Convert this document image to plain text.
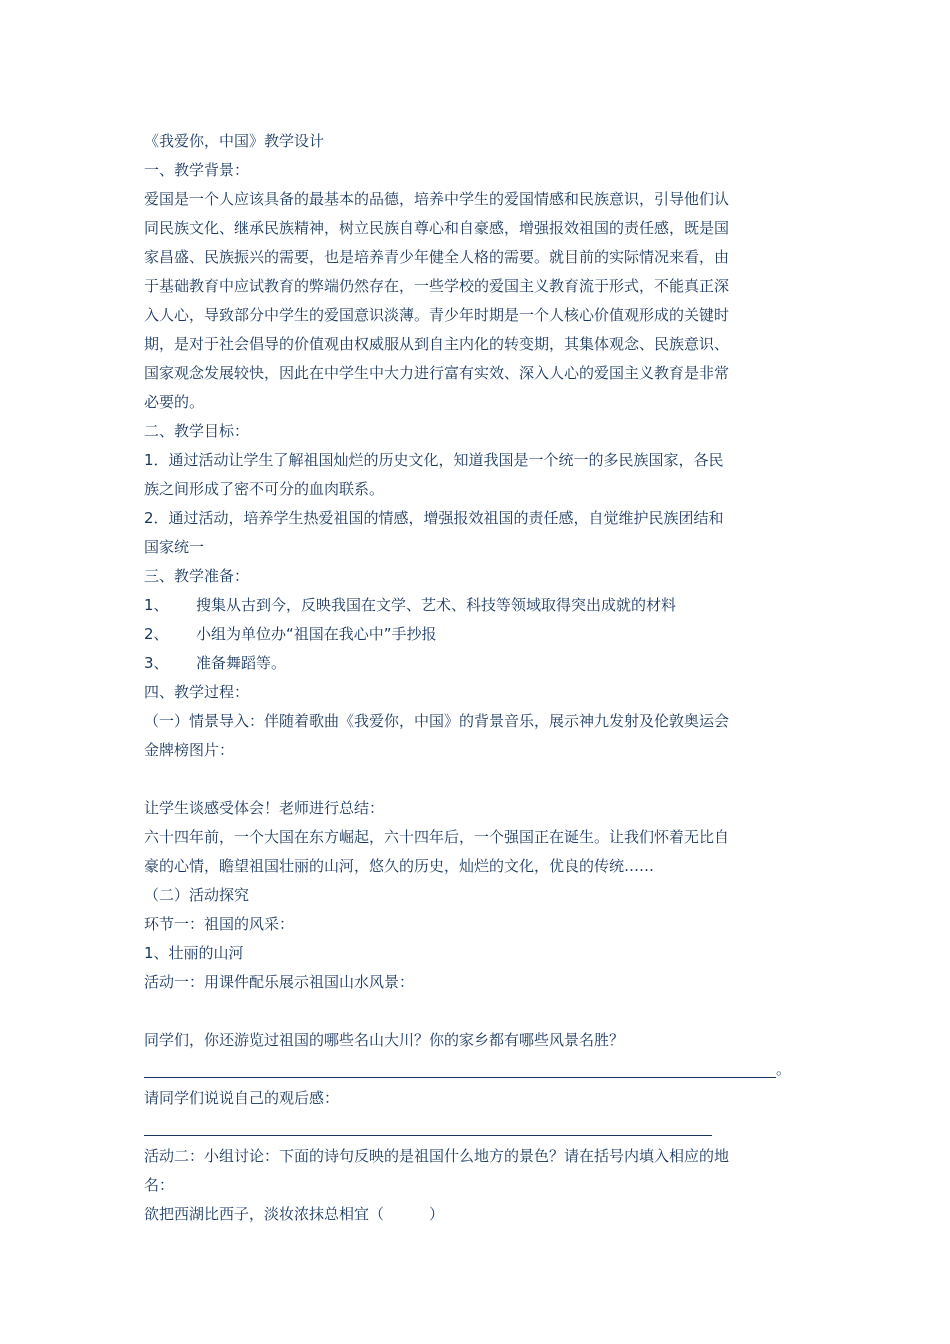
《我爱你，中国》教学设计
一、教学背景：
爱国是一个人应该具备的最基本的品德，培养中学生的爱国情感和民族意识，引导他们认
同民族文化、继承民族精神，树立民族自尊心和自豪感，增强报效祖国的责任感，既是国
家昌盛、民族振兴的需要，也是培养青少年健全人格的需要。就目前的实际情况来看，由
于基础教育中应试教育的弊端仍然存在，一些学校的爱国主义教育流于形式，不能真正深
入人心，导致部分中学生的爱国意识淡薄。青少年时期是一个人核心价值观形成的关键时
期，是对于社会倡导的价值观由权威服从到自主内化的转变期，其集体观念、民族意识、
国家观念发展较快，因此在中学生中大力进行富有实效、深入人心的爱国主义教育是非常
必要的。
二、教学目标：
1．通过活动让学生了解祖国灿烂的历史文化，知道我国是一个统一的多民族国家，各民
族之间形成了密不可分的血肉联系。
2．通过活动，培养学生热爱祖国的情感，增强报效祖国的责任感，自觉维护民族团结和
国家统一
三、教学准备：
1、 搜集从古到今，反映我国在文学、艺术、科技等领域取得突出成就的材料
2、 小组为单位办“祖国在我心中”手抄报
3、 准备舞蹈等。
四、教学过程：
（一）情景导入：伴随着歌曲《我爱你，中国》的背景音乐，展示神九发射及伦敦奥运会
金牌榜图片：
让学生谈感受体会！老师进行总结：
六十四年前，一个大国在东方崛起，六十四年后，一个强国正在诞生。让我们怀着无比自
豪的心情，瞻望祖国壮丽的山河，悠久的历史，灿烂的文化，优良的传统……
（二）活动探究
环节一：祖国的风采：
1、壮丽的山河
活动一：用课件配乐展示祖国山水风景：
同学们，你还游览过祖国的哪些名山大川？你的家乡都有哪些风景名胜？
。
请同学们说说自己的观后感：
活动二：小组讨论：下面的诗句反映的是祖国什么地方的景色？请在括号内填入相应的地
名：
欲把西湖比西子，淡妆浓抹总相宜（　　　）
